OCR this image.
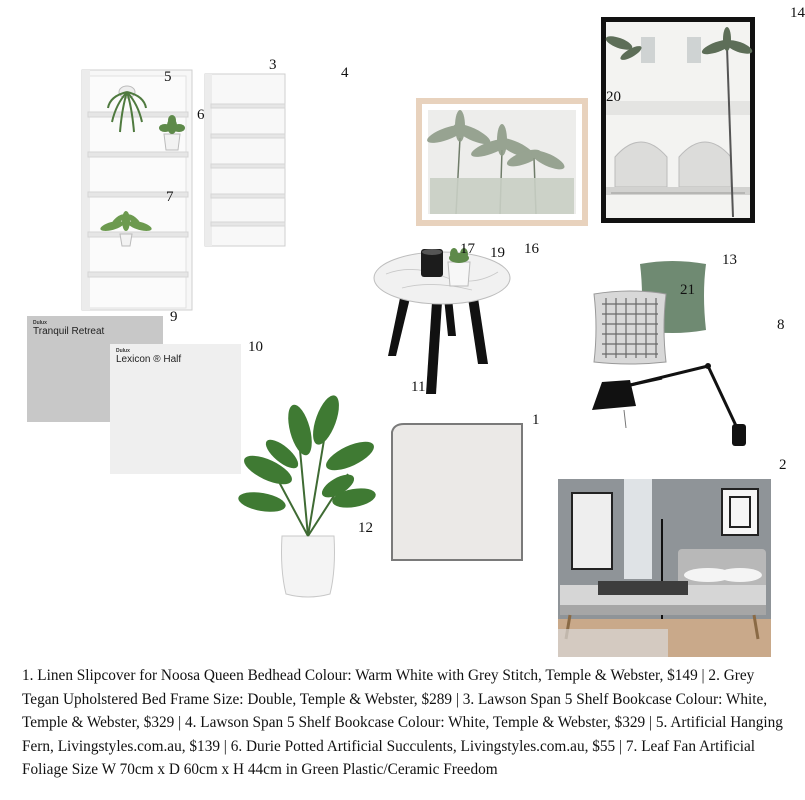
Dulux
Tranquil Retreat
Dulux
Lexicon ® Half
5
3	4
6
7
14
20
17 19 16
13
21
8
9
10
11
1
2
12
1. Linen Slipcover for Noosa Queen Bedhead Colour: Warm White with Grey Stitch, Temple & Webster, $149 | 2. Grey Tegan Upholstered Bed Frame Size: Double, Temple & Webster, $289 | 3. Lawson Span 5 Shelf Bookcase Colour: White, Temple & Webster, $329 | 4. Lawson Span 5 Shelf Bookcase Colour: White, Temple & Webster, $329 | 5. Artificial Hanging Fern, Livingstyles.com.au, $139 | 6. Durie Potted Artificial Succulents, Livingstyles.com.au, $55 | 7. Leaf Fan Artificial Foliage Size W 70cm x D 60cm x H 44cm in Green Plastic/Ceramic Freedom
